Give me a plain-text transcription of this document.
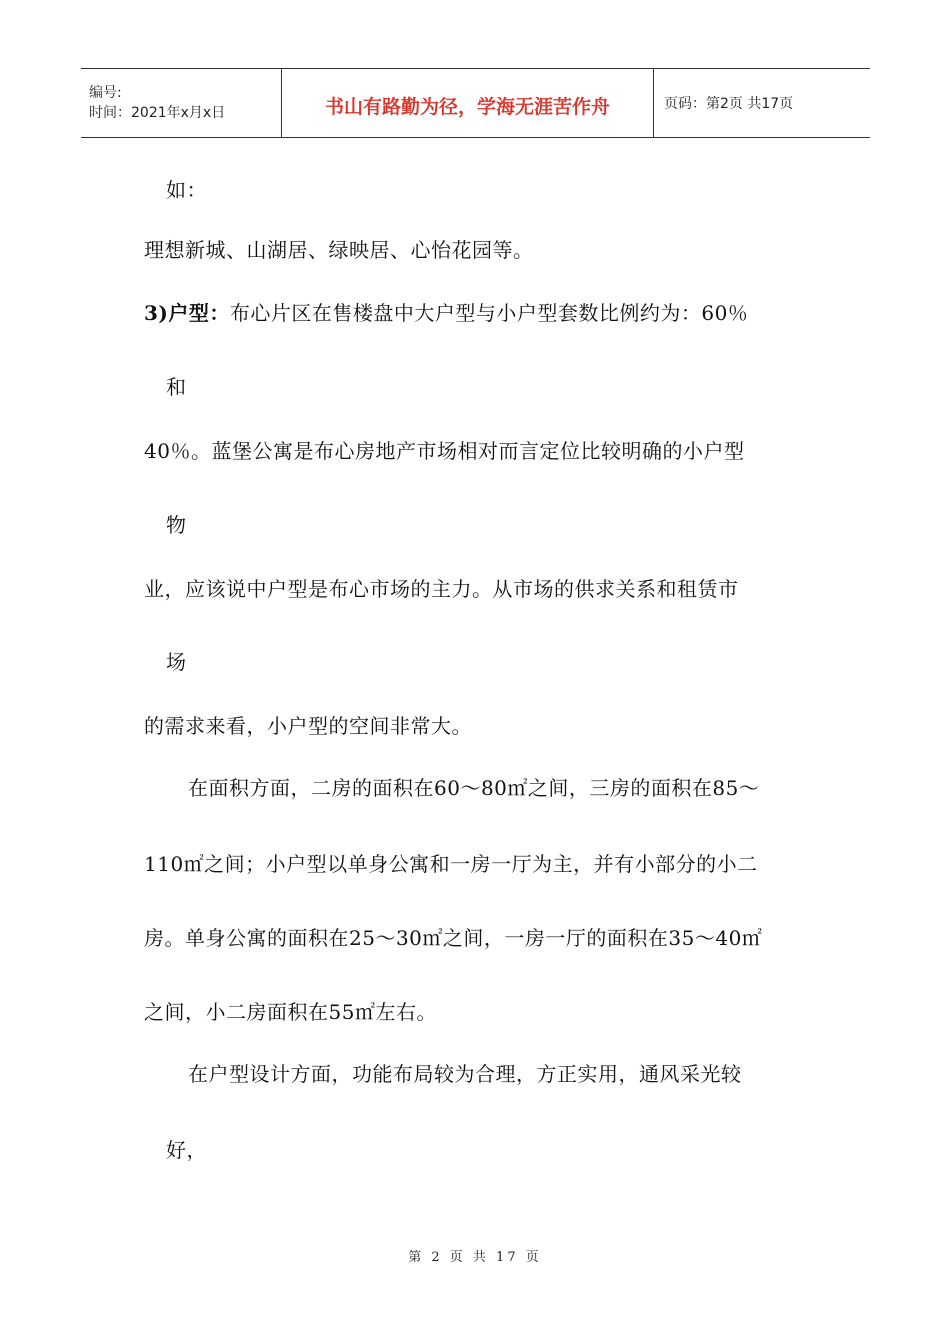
编号:
时间：2021年x月x日	书山有路勤为径，学海无涯苦作舟	页码：第2页 共17页
如：
理想新城、山湖居、绿映居、心怡花园等。
3)户型：布心片区在售楼盘中大户型与小户型套数比例约为：60％
和
40％。蓝堡公寓是布心房地产市场相对而言定位比较明确的小户型
物
业，应该说中户型是布心市场的主力。从市场的供求关系和租赁市
场
的需求来看，小户型的空间非常大。
在面积方面，二房的面积在60～80㎡之间，三房的面积在85～
110㎡之间；小户型以单身公寓和一房一厅为主，并有小部分的小二
房。单身公寓的面积在25～30㎡之间，一房一厅的面积在35～40㎡
之间，小二房面积在55㎡左右。
在户型设计方面，功能布局较为合理，方正实用，通风采光较
好，
第 2 页 共 17 页
